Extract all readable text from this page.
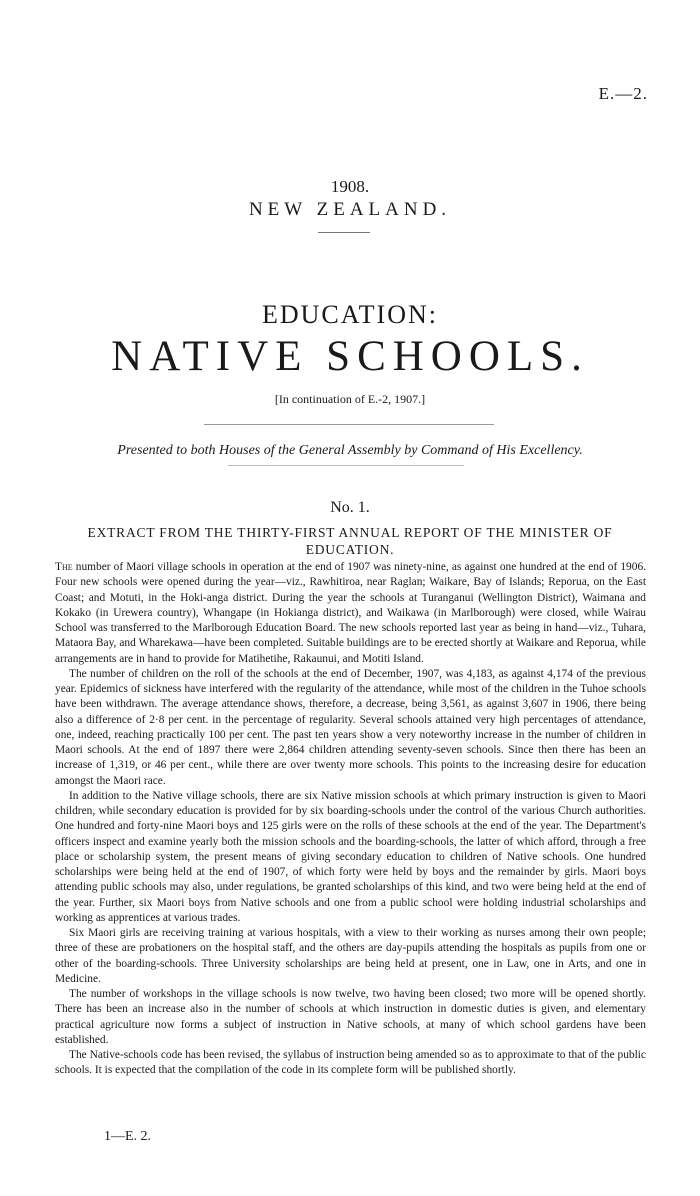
E.—2.
1908.
NEW ZEALAND.
EDUCATION:
NATIVE SCHOOLS.
[In continuation of E.-2, 1907.]
Presented to both Houses of the General Assembly by Command of His Excellency.
No. 1.
EXTRACT FROM THE THIRTY-FIRST ANNUAL REPORT OF THE MINISTER OF EDUCATION.

The number of Maori village schools in operation at the end of 1907 was ninety-nine, as against one hundred at the end of 1906. Four new schools were opened during the year—viz., Rawhitiroa, near Raglan; Waikare, Bay of Islands; Reporua, on the East Coast; and Motuti, in the Hoki-anga district. During the year the schools at Turanganui (Wellington District), Waimana and Kokako (in Urewera country), Whangape (in Hokianga district), and Waikawa (in Marlborough) were closed, while Wairau School was transferred to the Marlborough Education Board. The new schools reported last year as being in hand—viz., Tuhara, Mataora Bay, and Wharekawa—have been completed. Suitable buildings are to be erected shortly at Waikare and Reporua, while arrangements are in hand to provide for Matihetihe, Rakaunui, and Motiti Island.

The number of children on the roll of the schools at the end of December, 1907, was 4,183, as against 4,174 of the previous year. Epidemics of sickness have interfered with the regularity of the attendance, while most of the children in the Tuhoe schools have been withdrawn. The average attendance shows, therefore, a decrease, being 3,561, as against 3,607 in 1906, there being also a difference of 2·8 per cent. in the percentage of regularity. Several schools attained very high percentages of attendance, one, indeed, reaching practically 100 per cent. The past ten years show a very noteworthy increase in the number of children in Maori schools. At the end of 1897 there were 2,864 children attending seventy-seven schools. Since then there has been an increase of 1,319, or 46 per cent., while there are over twenty more schools. This points to the increasing desire for education amongst the Maori race.

In addition to the Native village schools, there are six Native mission schools at which primary instruction is given to Maori children, while secondary education is provided for by six boarding-schools under the control of the various Church authorities. One hundred and forty-nine Maori boys and 125 girls were on the rolls of these schools at the end of the year. The Department's officers inspect and examine yearly both the mission schools and the boarding-schools, the latter of which afford, through a free place or scholarship system, the present means of giving secondary education to children of Native schools. One hundred scholarships were being held at the end of 1907, of which forty were held by boys and the remainder by girls. Maori boys attending public schools may also, under regulations, be granted scholarships of this kind, and two were being held at the end of the year. Further, six Maori boys from Native schools and one from a public school were holding industrial scholarships and working as apprentices at various trades.

Six Maori girls are receiving training at various hospitals, with a view to their working as nurses among their own people; three of these are probationers on the hospital staff, and the others are day-pupils attending the hospitals as pupils from one or other of the boarding-schools. Three University scholarships are being held at present, one in Law, one in Arts, and one in Medicine.

The number of workshops in the village schools is now twelve, two having been closed; two more will be opened shortly. There has been an increase also in the number of schools at which instruction in domestic duties is given, and elementary practical agriculture now forms a subject of instruction in Native schools, at many of which school gardens have been established.

The Native-schools code has been revised, the syllabus of instruction being amended so as to approximate to that of the public schools. It is expected that the compilation of the code in its complete form will be published shortly.

1—E. 2.
